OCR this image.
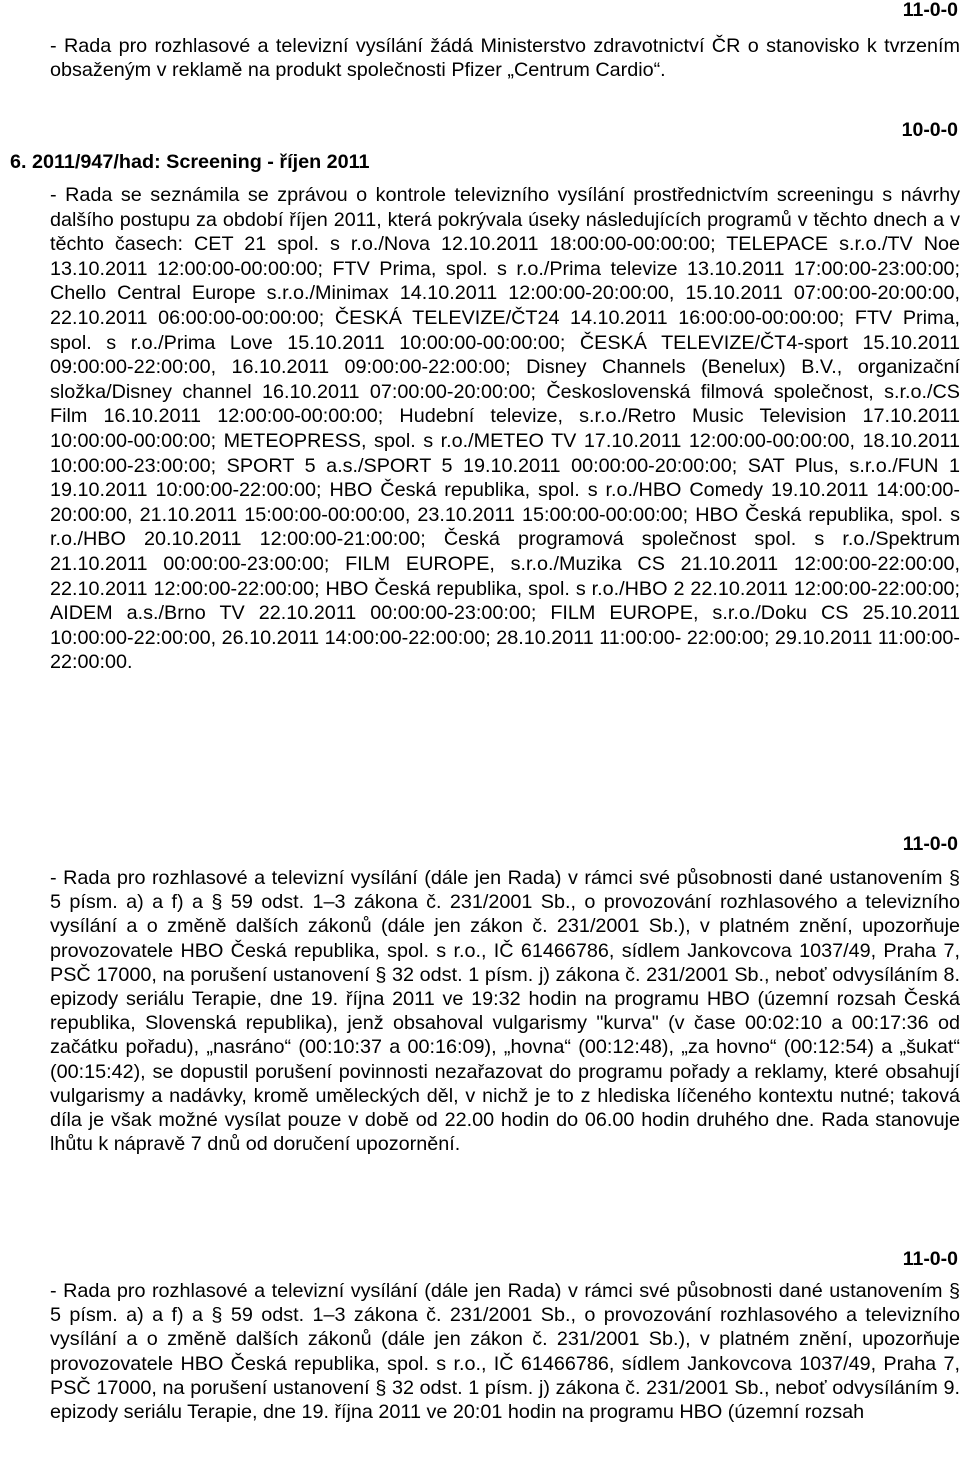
11-0-0

- Rada pro rozhlasové a televizní vysílání žádá Ministerstvo zdravotnictví ČR o stanovisko k tvrzením obsaženým v reklamě na produkt společnosti Pfizer „Centrum Cardio“.

10-0-0
6. 2011/947/had: Screening - říjen 2011

- Rada se seznámila se zprávou o kontrole televizního vysílání prostřednictvím screeningu s návrhy dalšího postupu za období říjen 2011, která pokrývala úseky následujících programů v těchto dnech a v těchto časech: CET 21 spol. s r.o./Nova 12.10.2011 18:00:00-00:00:00; TELEPACE s.r.o./TV Noe 13.10.2011 12:00:00-00:00:00; FTV Prima, spol. s r.o./Prima televize 13.10.2011 17:00:00-23:00:00; Chello Central Europe s.r.o./Minimax 14.10.2011 12:00:00-20:00:00, 15.10.2011 07:00:00-20:00:00, 22.10.2011 06:00:00-00:00:00; ČESKÁ TELEVIZE/ČT24 14.10.2011 16:00:00-00:00:00; FTV Prima, spol. s r.o./Prima Love 15.10.2011 10:00:00-00:00:00; ČESKÁ TELEVIZE/ČT4-sport 15.10.2011 09:00:00-22:00:00, 16.10.2011 09:00:00-22:00:00; Disney Channels (Benelux) B.V., organizační složka/Disney channel 16.10.2011 07:00:00-20:00:00; Československá filmová společnost, s.r.o./CS Film 16.10.2011 12:00:00-00:00:00; Hudební televize, s.r.o./Retro Music Television 17.10.2011 10:00:00-00:00:00; METEOPRESS, spol. s r.o./METEO TV 17.10.2011 12:00:00-00:00:00, 18.10.2011 10:00:00-23:00:00; SPORT 5 a.s./SPORT 5 19.10.2011 00:00:00-20:00:00; SAT Plus, s.r.o./FUN 1 19.10.2011 10:00:00-22:00:00; HBO Česká republika, spol. s r.o./HBO Comedy 19.10.2011 14:00:00-20:00:00, 21.10.2011 15:00:00-00:00:00, 23.10.2011 15:00:00-00:00:00; HBO Česká republika, spol. s r.o./HBO 20.10.2011 12:00:00-21:00:00; Česká programová společnost spol. s r.o./Spektrum 21.10.2011 00:00:00-23:00:00; FILM EUROPE, s.r.o./Muzika CS 21.10.2011 12:00:00-22:00:00, 22.10.2011 12:00:00-22:00:00; HBO Česká republika, spol. s r.o./HBO 2 22.10.2011 12:00:00-22:00:00; AIDEM a.s./Brno TV 22.10.2011 00:00:00-23:00:00; FILM EUROPE, s.r.o./Doku CS 25.10.2011 10:00:00-22:00:00, 26.10.2011 14:00:00-22:00:00; 28.10.2011 11:00:00- 22:00:00; 29.10.2011 11:00:00-22:00:00.

11-0-0

- Rada pro rozhlasové a televizní vysílání (dále jen Rada) v rámci své působnosti dané ustanovením § 5 písm. a) a f) a § 59 odst. 1–3 zákona č. 231/2001 Sb., o provozování rozhlasového a televizního vysílání a o změně dalších zákonů (dále jen zákon č. 231/2001 Sb.), v platném znění, upozorňuje provozovatele HBO Česká republika, spol. s r.o., IČ 61466786, sídlem Jankovcova 1037/49, Praha 7, PSČ 17000, na porušení ustanovení § 32 odst. 1 písm. j) zákona č. 231/2001 Sb., neboť odvysíláním 8. epizody seriálu Terapie, dne 19. října 2011 ve 19:32 hodin na programu HBO (územní rozsah Česká republika, Slovenská republika), jenž obsahoval vulgarismy "kurva" (v čase 00:02:10 a 00:17:36 od začátku pořadu), „nasráno“ (00:10:37 a 00:16:09), „hovna“ (00:12:48), „za hovno“ (00:12:54) a „šukat“ (00:15:42), se dopustil porušení povinnosti nezařazovat do programu pořady a reklamy, které obsahují vulgarismy a nadávky, kromě uměleckých děl, v nichž je to z hlediska líčeného kontextu nutné; taková díla je však možné vysílat pouze v době od 22.00 hodin do 06.00 hodin druhého dne. Rada stanovuje lhůtu k nápravě 7 dnů od doručení upozornění.

11-0-0

- Rada pro rozhlasové a televizní vysílání (dále jen Rada) v rámci své působnosti dané ustanovením § 5 písm. a) a f) a § 59 odst. 1–3 zákona č. 231/2001 Sb., o provozování rozhlasového a televizního vysílání a o změně dalších zákonů (dále jen zákon č. 231/2001 Sb.), v platném znění, upozorňuje provozovatele HBO Česká republika, spol. s r.o., IČ 61466786, sídlem Jankovcova 1037/49, Praha 7, PSČ 17000, na porušení ustanovení § 32 odst. 1 písm. j) zákona č. 231/2001 Sb., neboť odvysíláním 9. epizody seriálu Terapie, dne 19. října 2011 ve 20:01 hodin na programu HBO (územní rozsah
